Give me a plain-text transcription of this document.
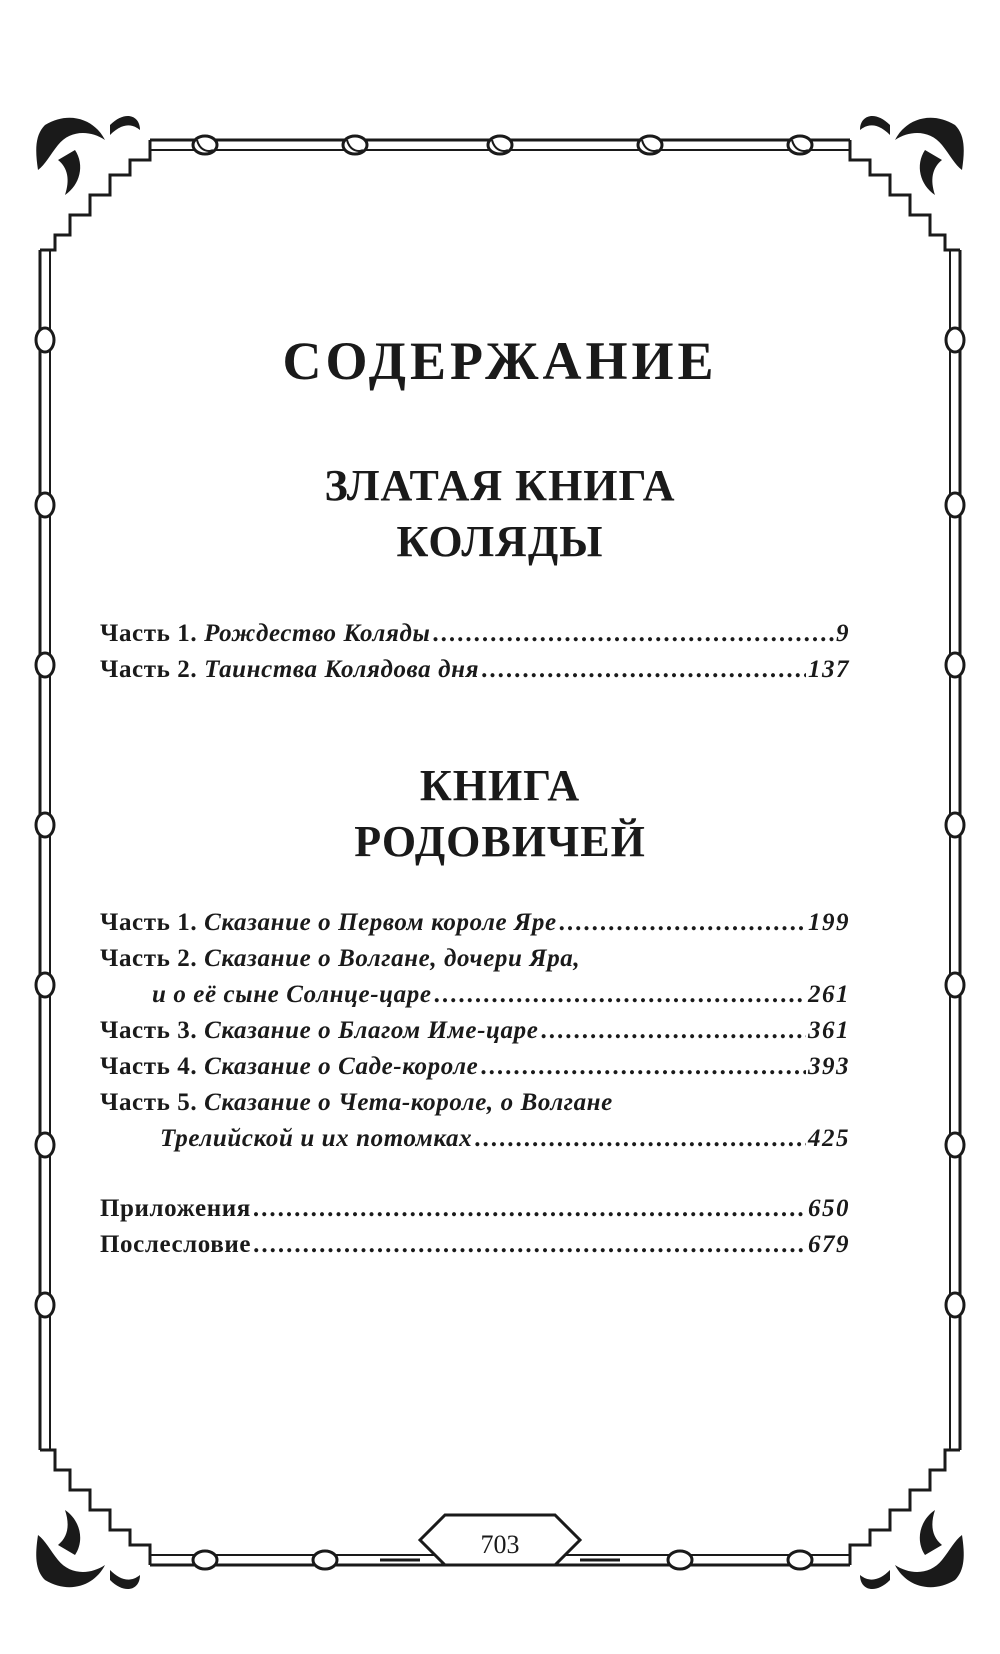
СОДЕРЖАНИЕ
ЗЛАТАЯ КНИГА
КОЛЯДЫ
Часть 1. Рождество Коляды .....	9
Часть 2. Таинства Колядова дня .....	137
КНИГА
РОДОВИЧЕЙ
Часть 1. Сказание о Первом короле Яре .....	199
Часть 2. Сказание о Волгане, дочери Яра,
и о её сыне Солнце-царе .....	261
Часть 3. Сказание о Благом Име-царе .....	361
Часть 4. Сказание о Саде-короле .....	393
Часть 5. Сказание о Чета-короле, о Волгане
Трелийской и их потомках .....	425
Приложения .....	650
Послесловие .....	679
703
